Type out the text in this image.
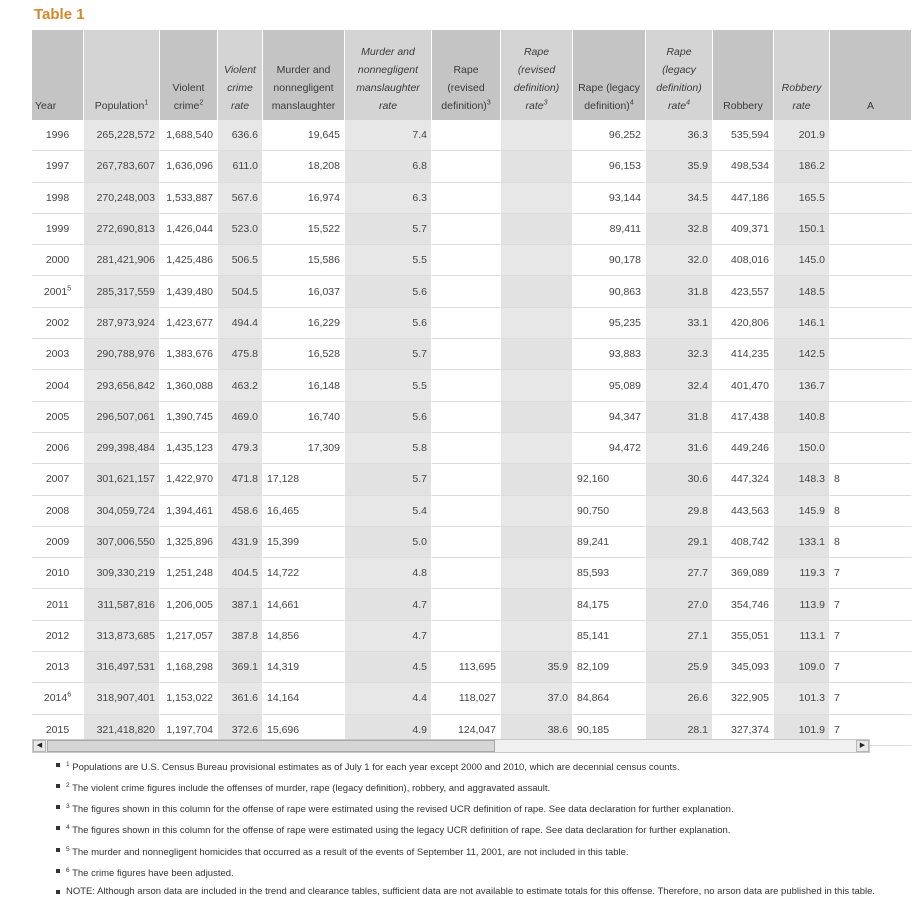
Table 1
Year	Population$^1$	Violent crime$^2$	Violent crime rate	Murder and nonnegligent manslaughter	Murder and nonnegligent manslaughter rate	Rape (revised definition)$^3$	Rape (revised definition) rate$^3$	Rape (legacy definition)$^4$	Rape (legacy definition) rate$^4$	Robbery	Robbery rate	A
1996	265,228,572	1,688,540	636.6	19,645	7.4			96,252	36.3	535,594	201.9	
1997	267,783,607	1,636,096	611.0	18,208	6.8			96,153	35.9	498,534	186.2	
1998	270,248,003	1,533,887	567.6	16,974	6.3			93,144	34.5	447,186	165.5	
1999	272,690,813	1,426,044	523.0	15,522	5.7			89,411	32.8	409,371	150.1	
2000	281,421,906	1,425,486	506.5	15,586	5.5			90,178	32.0	408,016	145.0	
2001$^5$	285,317,559	1,439,480	504.5	16,037	5.6			90,863	31.8	423,557	148.5	
2002	287,973,924	1,423,677	494.4	16,229	5.6			95,235	33.1	420,806	146.1	
2003	290,788,976	1,383,676	475.8	16,528	5.7			93,883	32.3	414,235	142.5	
2004	293,656,842	1,360,088	463.2	16,148	5.5			95,089	32.4	401,470	136.7	
2005	296,507,061	1,390,745	469.0	16,740	5.6			94,347	31.8	417,438	140.8	
2006	299,398,484	1,435,123	479.3	17,309	5.8			94,472	31.6	449,246	150.0	
2007	301,621,157	1,422,970	471.8	17,128	5.7			92,160	30.6	447,324	148.3	8
2008	304,059,724	1,394,461	458.6	16,465	5.4			90,750	29.8	443,563	145.9	8
2009	307,006,550	1,325,896	431.9	15,399	5.0			89,241	29.1	408,742	133.1	8
2010	309,330,219	1,251,248	404.5	14,722	4.8			85,593	27.7	369,089	119.3	7
2011	311,587,816	1,206,005	387.1	14,661	4.7			84,175	27.0	354,746	113.9	7
2012	313,873,685	1,217,057	387.8	14,856	4.7			85,141	27.1	355,051	113.1	7
2013	316,497,531	1,168,298	369.1	14,319	4.5	113,695	35.9	82,109	25.9	345,093	109.0	7
2014$^6$	318,907,401	1,153,022	361.6	14,164	4.4	118,027	37.0	84,864	26.6	322,905	101.3	7
2015	321,418,820	1,197,704	372.6	15,696	4.9	124,047	38.6	90,185	28.1	327,374	101.9	7
◀	▶
$^1$ Populations are U.S. Census Bureau provisional estimates as of July 1 for each year except 2000 and 2010, which are decennial census counts.
$^2$ The violent crime figures include the offenses of murder, rape (legacy definition), robbery, and aggravated assault.
$^3$ The figures shown in this column for the offense of rape were estimated using the revised UCR definition of rape. See data declaration for further explanation.
$^4$ The figures shown in this column for the offense of rape were estimated using the legacy UCR definition of rape. See data declaration for further explanation.
$^5$ The murder and nonnegligent homicides that occurred as a result of the events of September 11, 2001, are not included in this table.
$^6$ The crime figures have been adjusted.
NOTE: Although arson data are included in the trend and clearance tables, sufficient data are not available to estimate totals for this offense. Therefore, no arson data are published in this table.
